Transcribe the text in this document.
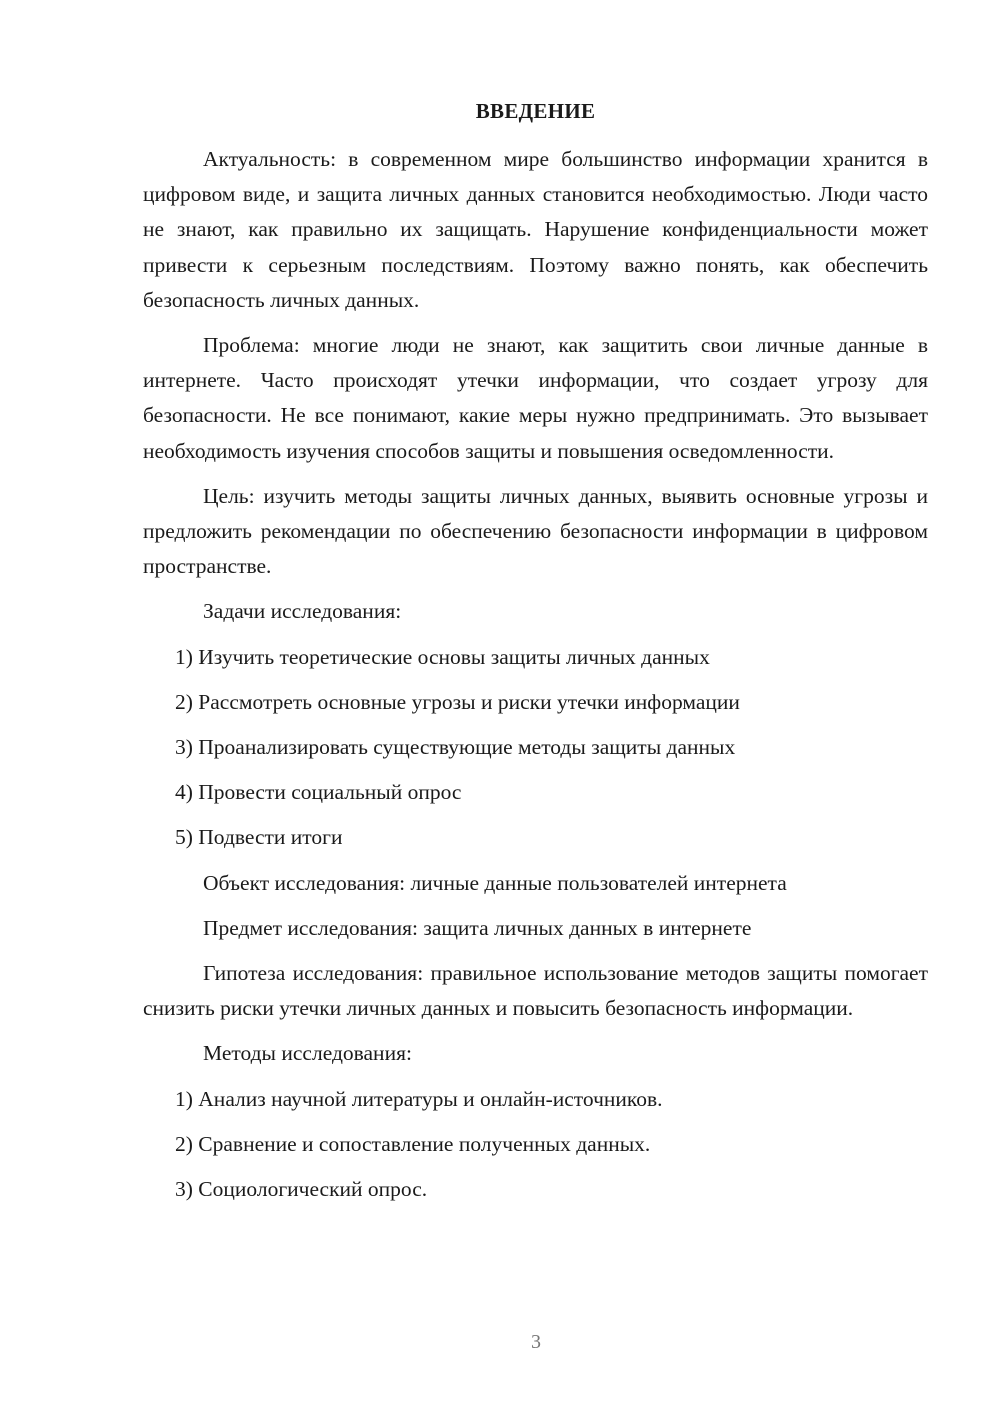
ВВЕДЕНИЕ

Актуальность: в современном мире большинство информации хранится в цифровом виде, и защита личных данных становится необходимостью. Люди часто не знают, как правильно их защищать. Нарушение конфиденциальности может привести к серьезным последствиям. Поэтому важно понять, как обеспечить безопасность личных данных.

Проблема: многие люди не знают, как защитить свои личные данные в интернете. Часто происходят утечки информации, что создает угрозу для безопасности. Не все понимают, какие меры нужно предпринимать. Это вызывает необходимость изучения способов защиты и повышения осведомленности.

Цель: изучить методы защиты личных данных, выявить основные угрозы и предложить рекомендации по обеспечению безопасности информации в цифровом пространстве.

Задачи исследования:
1) Изучить теоретические основы защиты личных данных
2) Рассмотреть основные угрозы и риски утечки информации
3) Проанализировать существующие методы защиты данных
4) Провести социальный опрос
5) Подвести итоги
Объект исследования: личные данные пользователей интернета
Предмет исследования: защита личных данных в интернете

Гипотеза исследования: правильное использование методов защиты помогает снизить риски утечки личных данных и повысить безопасность информации.

Методы исследования:
1) Анализ научной литературы и онлайн-источников.
2) Сравнение и сопоставление полученных данных.
3) Социологический опрос.
3
